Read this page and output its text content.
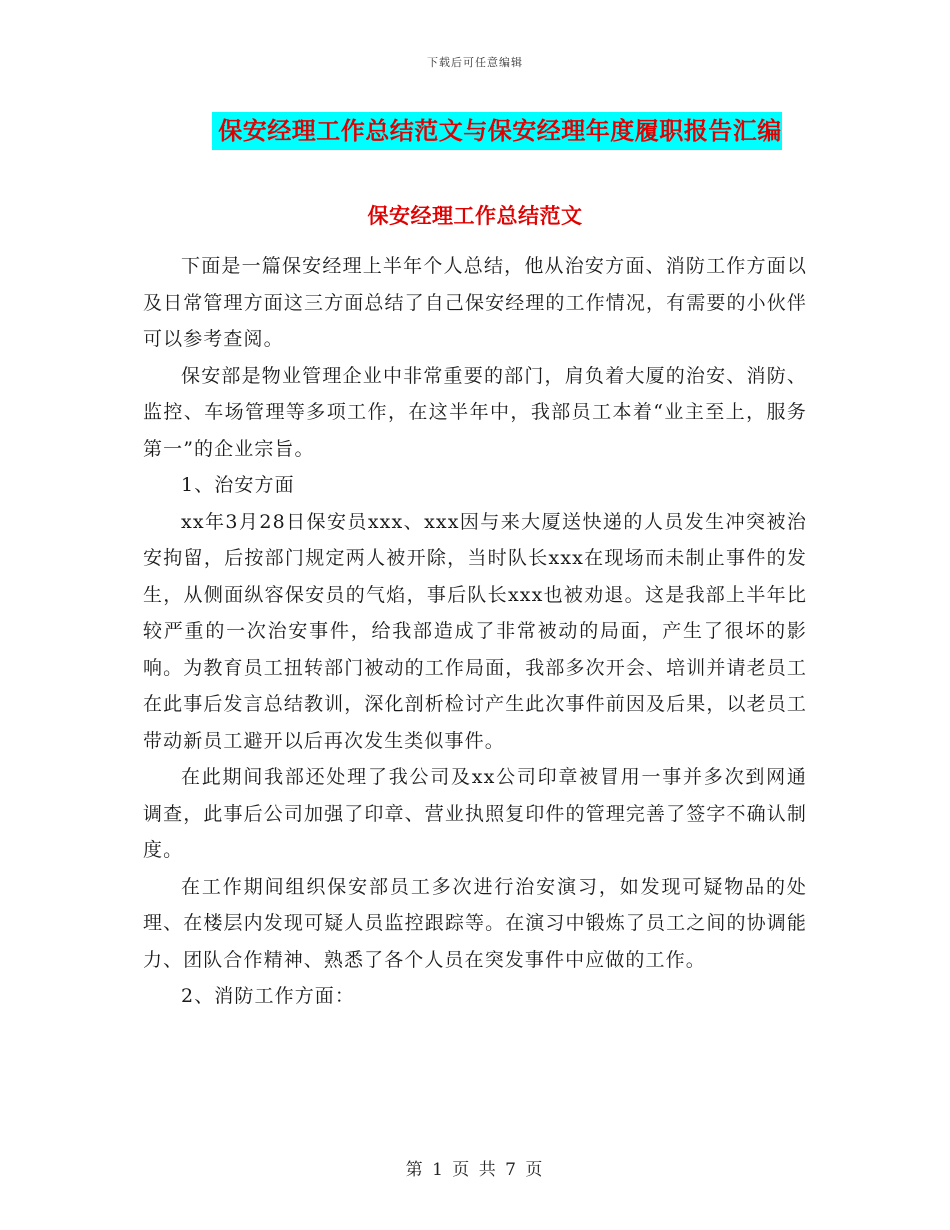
下载后可任意编辑
保安经理工作总结范文与保安经理年度履职报告汇编
保安经理工作总结范文

下面是一篇保安经理上半年个人总结，他从治安方面、消防工作方面以及日常管理方面这三方面总结了自己保安经理的工作情况，有需要的小伙伴可以参考查阅。

保安部是物业管理企业中非常重要的部门，肩负着大厦的治安、消防、监控、车场管理等多项工作，在这半年中，我部员工本着“业主至上，服务第一”的企业宗旨。

1、治安方面

xx年3月28日保安员xxx、xxx因与来大厦送快递的人员发生冲突被治安拘留，后按部门规定两人被开除，当时队长xxx在现场而未制止事件的发生，从侧面纵容保安员的气焰，事后队长xxx也被劝退。这是我部上半年比较严重的一次治安事件，给我部造成了非常被动的局面，产生了很坏的影响。为教育员工扭转部门被动的工作局面，我部多次开会、培训并请老员工在此事后发言总结教训，深化剖析检讨产生此次事件前因及后果，以老员工带动新员工避开以后再次发生类似事件。

在此期间我部还处理了我公司及xx公司印章被冒用一事并多次到网通调查，此事后公司加强了印章、营业执照复印件的管理完善了签字不确认制度。

在工作期间组织保安部员工多次进行治安演习，如发现可疑物品的处理、在楼层内发现可疑人员监控跟踪等。在演习中锻炼了员工之间的协调能力、团队合作精神、熟悉了各个人员在突发事件中应做的工作。

2、消防工作方面：

第 1 页 共 7 页
